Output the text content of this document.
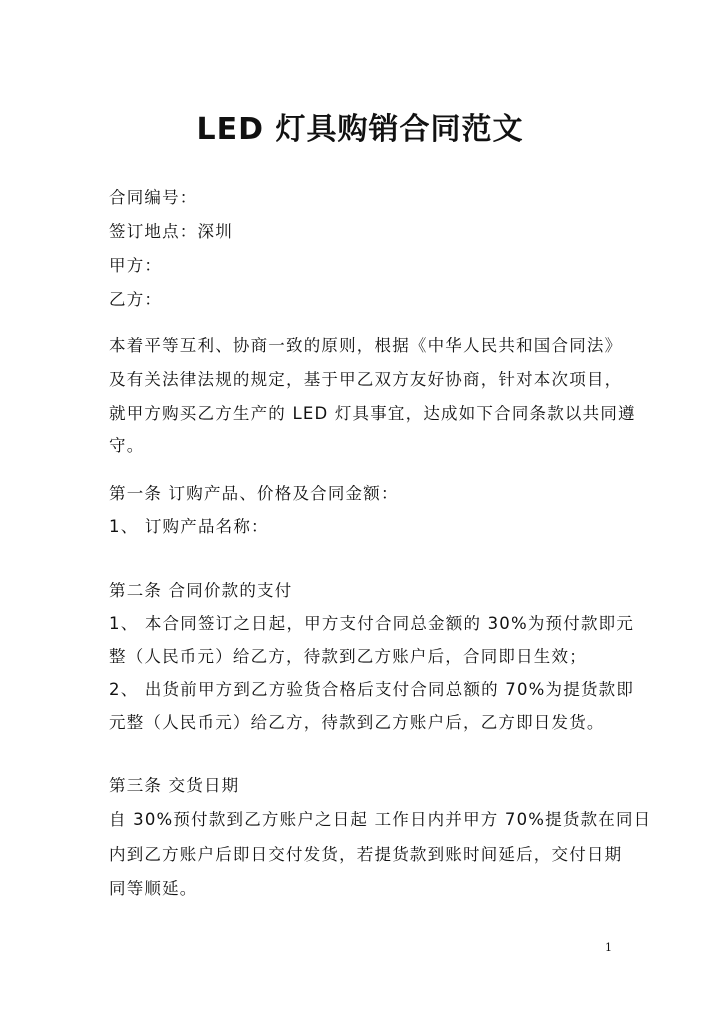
LED 灯具购销合同范文
合同编号：
签订地点：深圳
甲方：
乙方：
本着平等互利、协商一致的原则，根据《中华人民共和国合同法》
及有关法律法规的规定，基于甲乙双方友好协商，针对本次项目，
就甲方购买乙方生产的 LED 灯具事宜，达成如下合同条款以共同遵
守。
第一条 订购产品、价格及合同金额：
1、 订购产品名称：
第二条 合同价款的支付
1、 本合同签订之日起，甲方支付合同总金额的 30%为预付款即元
整（人民币元）给乙方，待款到乙方账户后，合同即日生效；
2、 出货前甲方到乙方验货合格后支付合同总额的 70%为提货款即
元整（人民币元）给乙方，待款到乙方账户后，乙方即日发货。
第三条 交货日期
自 30%预付款到乙方账户之日起 工作日内并甲方 70%提货款在同日
内到乙方账户后即日交付发货，若提货款到账时间延后，交付日期
同等顺延。
1
